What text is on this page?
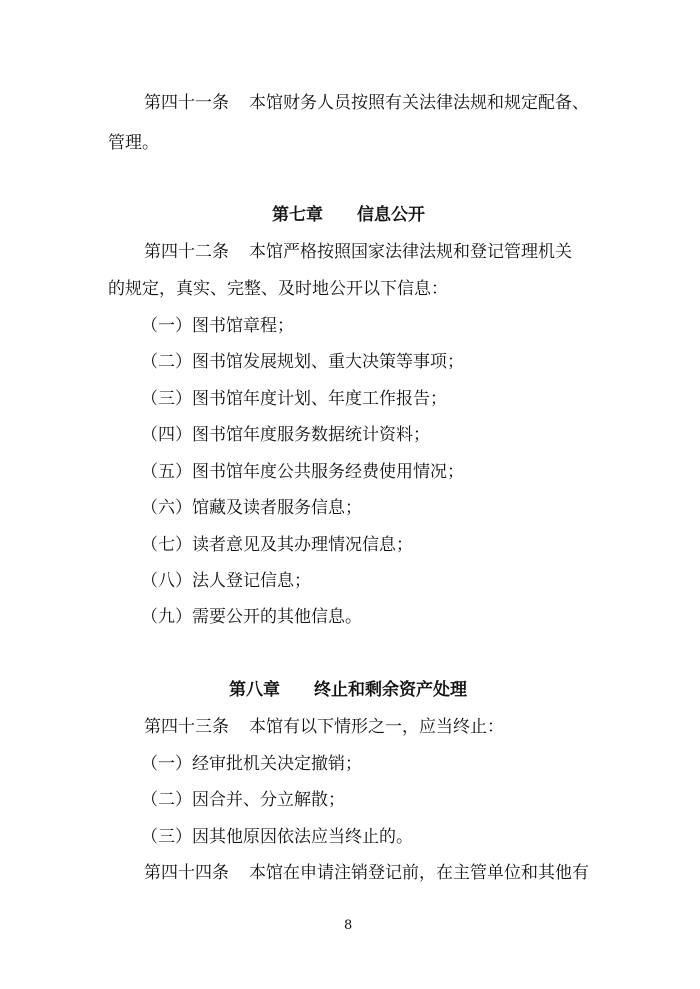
第四十一条 本馆财务人员按照有关法律法规和规定配备、
管理。
第七章 信息公开
第四十二条 本馆严格按照国家法律法规和登记管理机关
的规定，真实、完整、及时地公开以下信息：
（一）图书馆章程；
（二）图书馆发展规划、重大决策等事项；
（三）图书馆年度计划、年度工作报告；
（四）图书馆年度服务数据统计资料；
（五）图书馆年度公共服务经费使用情况；
（六）馆藏及读者服务信息；
（七）读者意见及其办理情况信息；
（八）法人登记信息；
（九）需要公开的其他信息。
第八章 终止和剩余资产处理
第四十三条 本馆有以下情形之一，应当终止：
（一）经审批机关决定撤销；
（二）因合并、分立解散；
（三）因其他原因依法应当终止的。
第四十四条 本馆在申请注销登记前，在主管单位和其他有
8
